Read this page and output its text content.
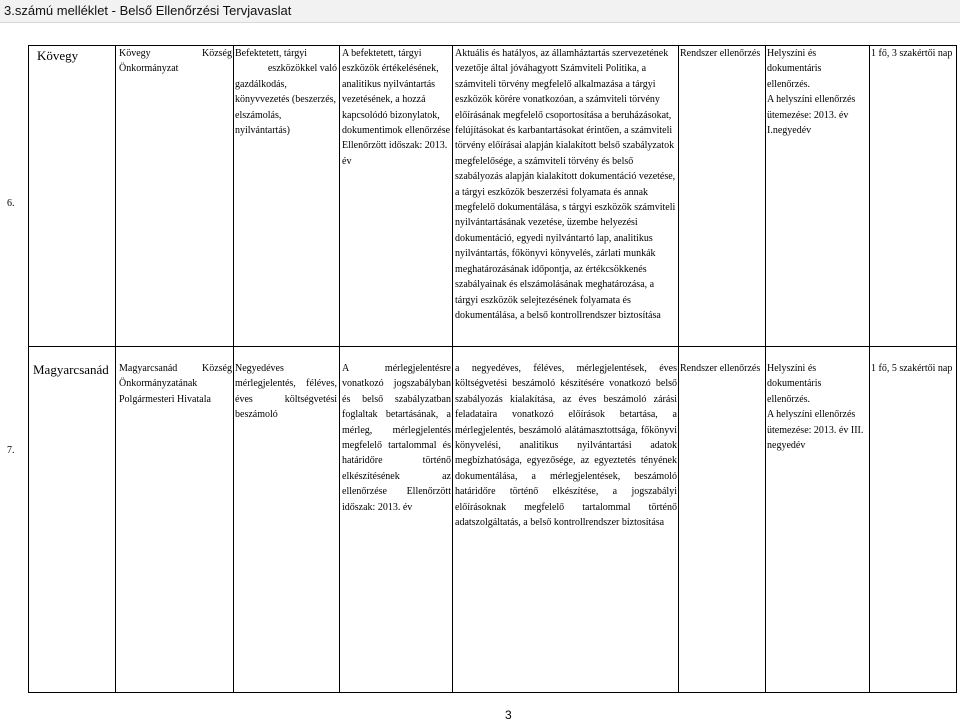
3.számú melléklet - Belső Ellenőrzési Tervjavaslat
6.
Kövegy	Kövegy	Község
Önkormányzat
Befektetett, tárgyi
eszközökkel való
gazdálkodás,
könyvvezetés (beszerzés,
elszámolás,
nyilvántartás)
A befektetett, tárgyi
eszközök értékelésének,
analitikus nyilvántartás
vezetésének, a hozzá
kapcsolódó bizonylatok,
dokumentimok ellenőrzése
Ellenőrzött időszak: 2013.
év
Aktuális és hatályos, az államháztartás szervezetének
vezetője által jóváhagyott Számviteli Politika, a
számviteli törvény megfelelő alkalmazása a tárgyi
eszközök körére vonatkozóan, a számviteli törvény
előírásának megfelelő csoportosítása a beruházásokat,
felújításokat és karbantartásokat érintően, a számviteli
törvény előírásai alapján kialakított belső szabályzatok
megfelelősége, a számviteli törvény és belső
szabályozás alapján kialakított dokumentáció vezetése,
a tárgyi eszközök beszerzési folyamata és annak
megfelelő dokumentálása, s tárgyi eszközök számviteli
nyilvántartásának vezetése, üzembe helyezési
dokumentáció, egyedi nyilvántartó lap, analitikus
nyilvántartás, főkönyvi könyvelés, zárlati munkák
meghatározásának időpontja, az értékcsökkenés
szabályainak és elszámolásának meghatározása, a
tárgyi eszközök selejtezésének folyamata és
dokumentálása, a belső kontrollrendszer biztosítása
Rendszer ellenőrzés Helyszíni és
dokumentáris
ellenőrzés.
A helyszíni ellenőrzés
ütemezése: 2013. év
I.negyedév
1 fő, 3 szakértői nap
7.
Magyarcsanád Magyarcsanád Község
Önkormányzatának
Polgármesteri Hivatala
Negyedéves
mérlegjelentés, féléves,
éves költségvetési
beszámoló
A mérlegjelentésre
vonatkozó jogszabályban
és belső szabályzatban
foglaltak betartásának, a
mérleg, mérlegjelentés
megfelelő tartalommal és
határidőre történő
elkészítésének az
ellenőrzése Ellenőrzött
időszak: 2013. év
a negyedéves, féléves, mérlegjelentések, éves
költségvetési beszámoló készítésére vonatkozó belső
szabályozás kialakítása, az éves beszámoló zárási
feladataira vonatkozó előírások betartása, a
mérlegjelentés, beszámoló alátámasztottsága, főkönyvi
könyvelési, analitikus nyilvántartási adatok
megbízhatósága, egyezősége, az egyeztetés tényének
dokumentálása, a mérlegjelentések, beszámoló
határidőre történő elkészítése, a jogszabályi
előírásoknak megfelelő tartalommal történő
adatszolgáltatás, a belső kontrollrendszer biztosítása
Rendszer ellenőrzés Helyszíni és
dokumentáris
ellenőrzés.
A helyszíni ellenőrzés
ütemezése: 2013. év III.
negyedév
1 fő, 5 szakértői nap
3
